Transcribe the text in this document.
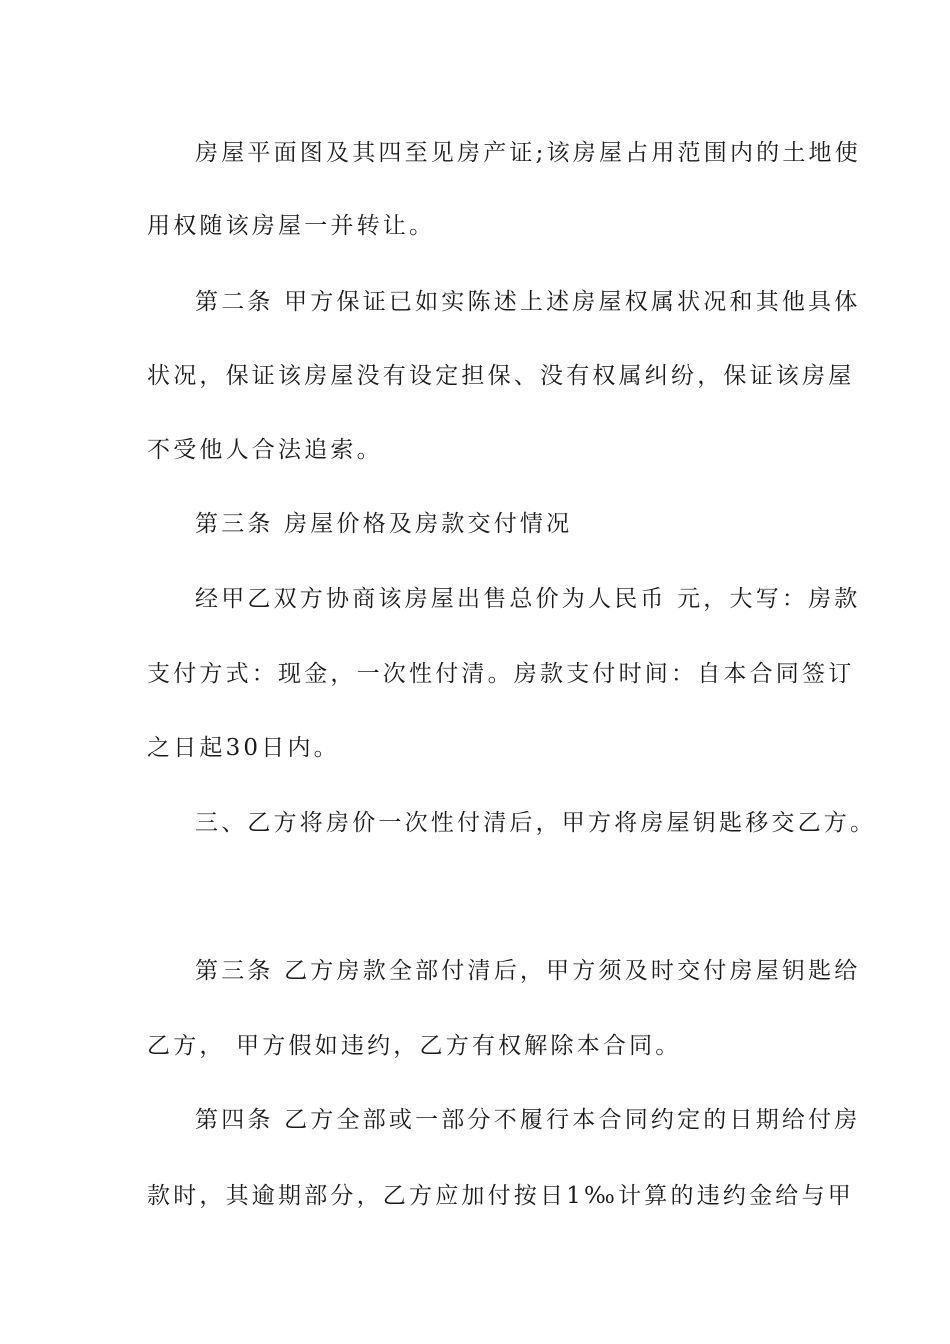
房屋平面图及其四至见房产证;该房屋占用范围内的土地使
用权随该房屋一并转让。
第二条 甲方保证已如实陈述上述房屋权属状况和其他具体
状况，保证该房屋没有设定担保、没有权属纠纷，保证该房屋
不受他人合法追索。
第三条 房屋价格及房款交付情况
经甲乙双方协商该房屋出售总价为人民币 元，大写：房款
支付方式：现金，一次性付清。房款支付时间：自本合同签订
之日起30日内。
三、乙方将房价一次性付清后，甲方将房屋钥匙移交乙方。
第三条 乙方房款全部付清后，甲方须及时交付房屋钥匙给
乙方， 甲方假如违约，乙方有权解除本合同。
第四条 乙方全部或一部分不履行本合同约定的日期给付房
款时，其逾期部分，乙方应加付按日1‰计算的违约金给与甲
